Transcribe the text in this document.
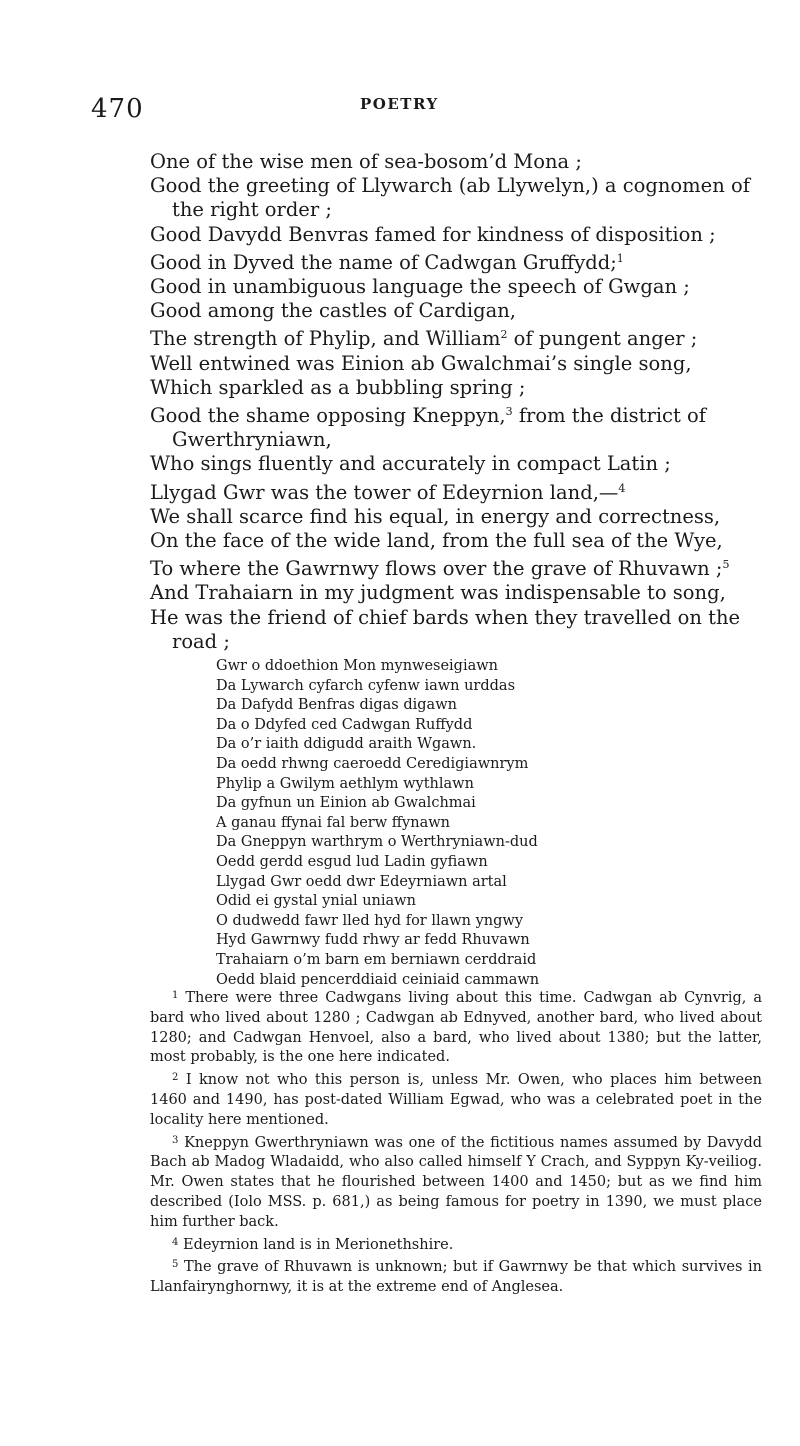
470	POETRY
One of the wise men of sea-bosom’d Mona ;
Good the greeting of Llywarch (ab Llywelyn,) a cognomen of the right order ;
Good Davydd Benvras famed for kindness of disposition ;
Good in Dyved the name of Cadwgan Gruffydd;$^1$
Good in unambiguous language the speech of Gwgan ;
Good among the castles of Cardigan,
The strength of Phylip, and William$^2$ of pungent anger ;
Well entwined was Einion ab Gwalchmai’s single song,
Which sparkled as a bubbling spring ;
Good the shame opposing Kneppyn,$^3$ from the district of Gwerthryniawn,
Who sings fluently and accurately in compact Latin ;
Llygad Gwr was the tower of Edeyrnion land,—$^4$
We shall scarce find his equal, in energy and correctness,
On the face of the wide land, from the full sea of the Wye,
To where the Gawrnwy flows over the grave of Rhuvawn ;$^5$
And Trahaiarn in my judgment was indispensable to song,
He was the friend of chief bards when they travelled on the road ;
Gwr o ddoethion Mon mynweseigiawn
Da Lywarch cyfarch cyfenw iawn urddas
Da Dafydd Benfras digas digawn
Da o Ddyfed ced Cadwgan Ruffydd
Da o’r iaith ddigudd araith Wgawn.
Da oedd rhwng caeroedd Ceredigiawnrym
Phylip a Gwilym aethlym wythlawn
Da gyfnun un Einion ab Gwalchmai
A ganau ffynai fal berw ffynawn
Da Gneppyn warthrym o Werthryniawn-dud
Oedd gerdd esgud lud Ladin gyfiawn
Llygad Gwr oedd dwr Edeyrniawn artal
Odid ei gystal ynial uniawn
O dudwedd fawr lled hyd for llawn yngwy
Hyd Gawrnwy fudd rhwy ar fedd Rhuvawn
Trahaiarn o’m barn em berniawn cerddraid
Oedd blaid pencerddiaid ceiniaid cammawn

$^1$ There were three Cadwgans living about this time. Cadwgan ab Cynvrig, a bard who lived about 1280 ; Cadwgan ab Ednyved, another bard, who lived about 1280; and Cadwgan Henvoel, also a bard, who lived about 1380; but the latter, most probably, is the one here indicated.

$^2$ I know not who this person is, unless Mr. Owen, who places him between 1460 and 1490, has post-dated William Egwad, who was a celebrated poet in the locality here mentioned.

$^3$ Kneppyn Gwerthryniawn was one of the fictitious names assumed by Davydd Bach ab Madog Wladaidd, who also called himself Y Crach, and Syppyn Ky-veiliog. Mr. Owen states that he flourished between 1400 and 1450; but as we find him described (Iolo MSS. p. 681,) as being famous for poetry in 1390, we must place him further back.

$^4$ Edeyrnion land is in Merionethshire.

$^5$ The grave of Rhuvawn is unknown; but if Gawrnwy be that which survives in Llanfairynghornwy, it is at the extreme end of Anglesea.
